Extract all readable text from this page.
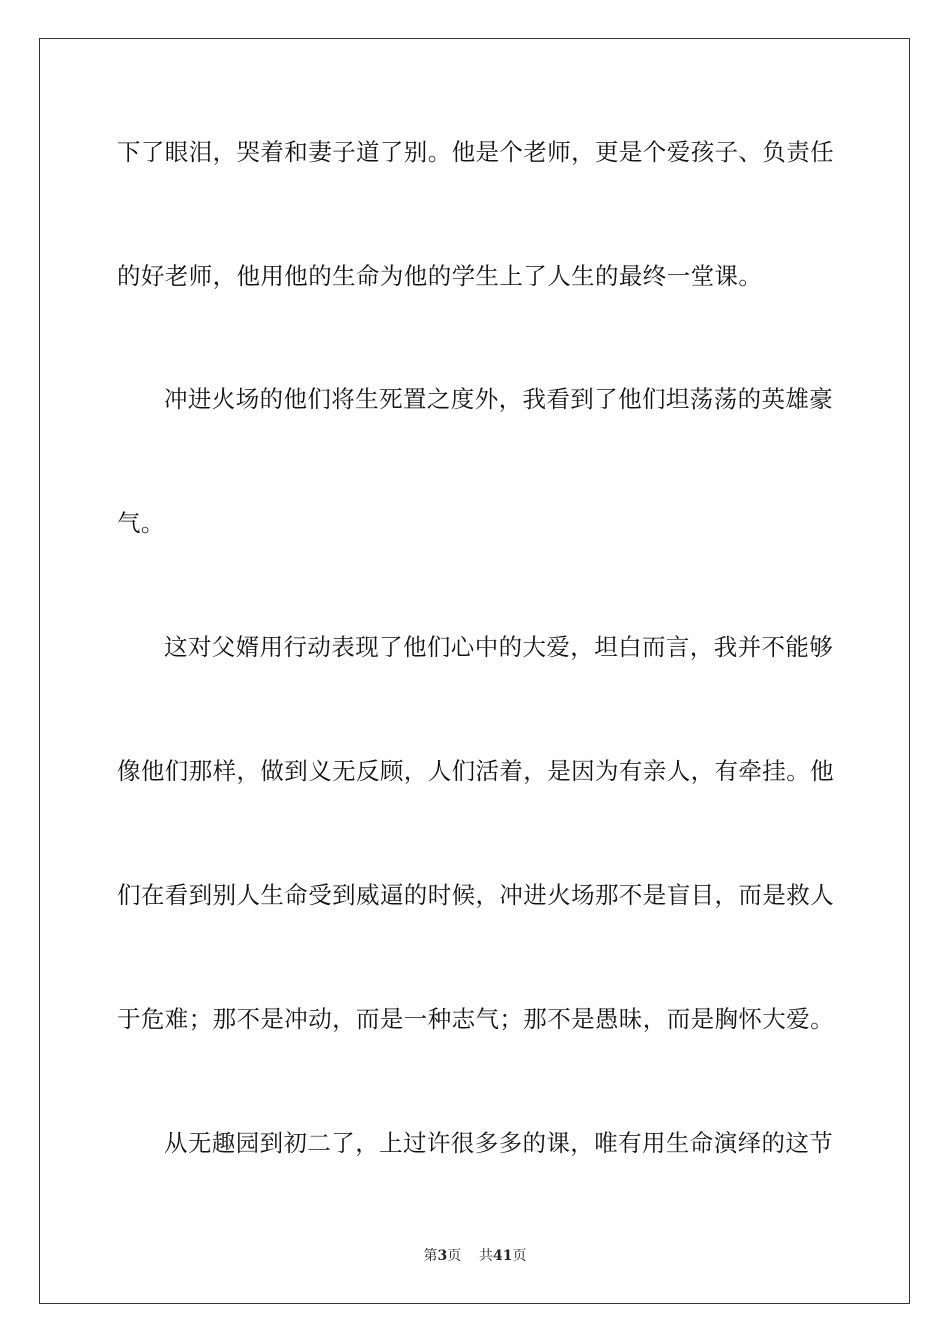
下了眼泪，哭着和妻子道了别。他是个老师，更是个爱孩子、负责任
的好老师，他用他的生命为他的学生上了人生的最终一堂课。
冲进火场的他们将生死置之度外，我看到了他们坦荡荡的英雄豪
气。
这对父婿用行动表现了他们心中的大爱，坦白而言，我并不能够
像他们那样，做到义无反顾，人们活着，是因为有亲人，有牵挂。他
们在看到别人生命受到威逼的时候，冲进火场那不是盲目，而是救人
于危难；那不是冲动，而是一种志气；那不是愚昧，而是胸怀大爱。
从无趣园到初二了，上过许很多多的课，唯有用生命演绎的这节
第3页 共41页
